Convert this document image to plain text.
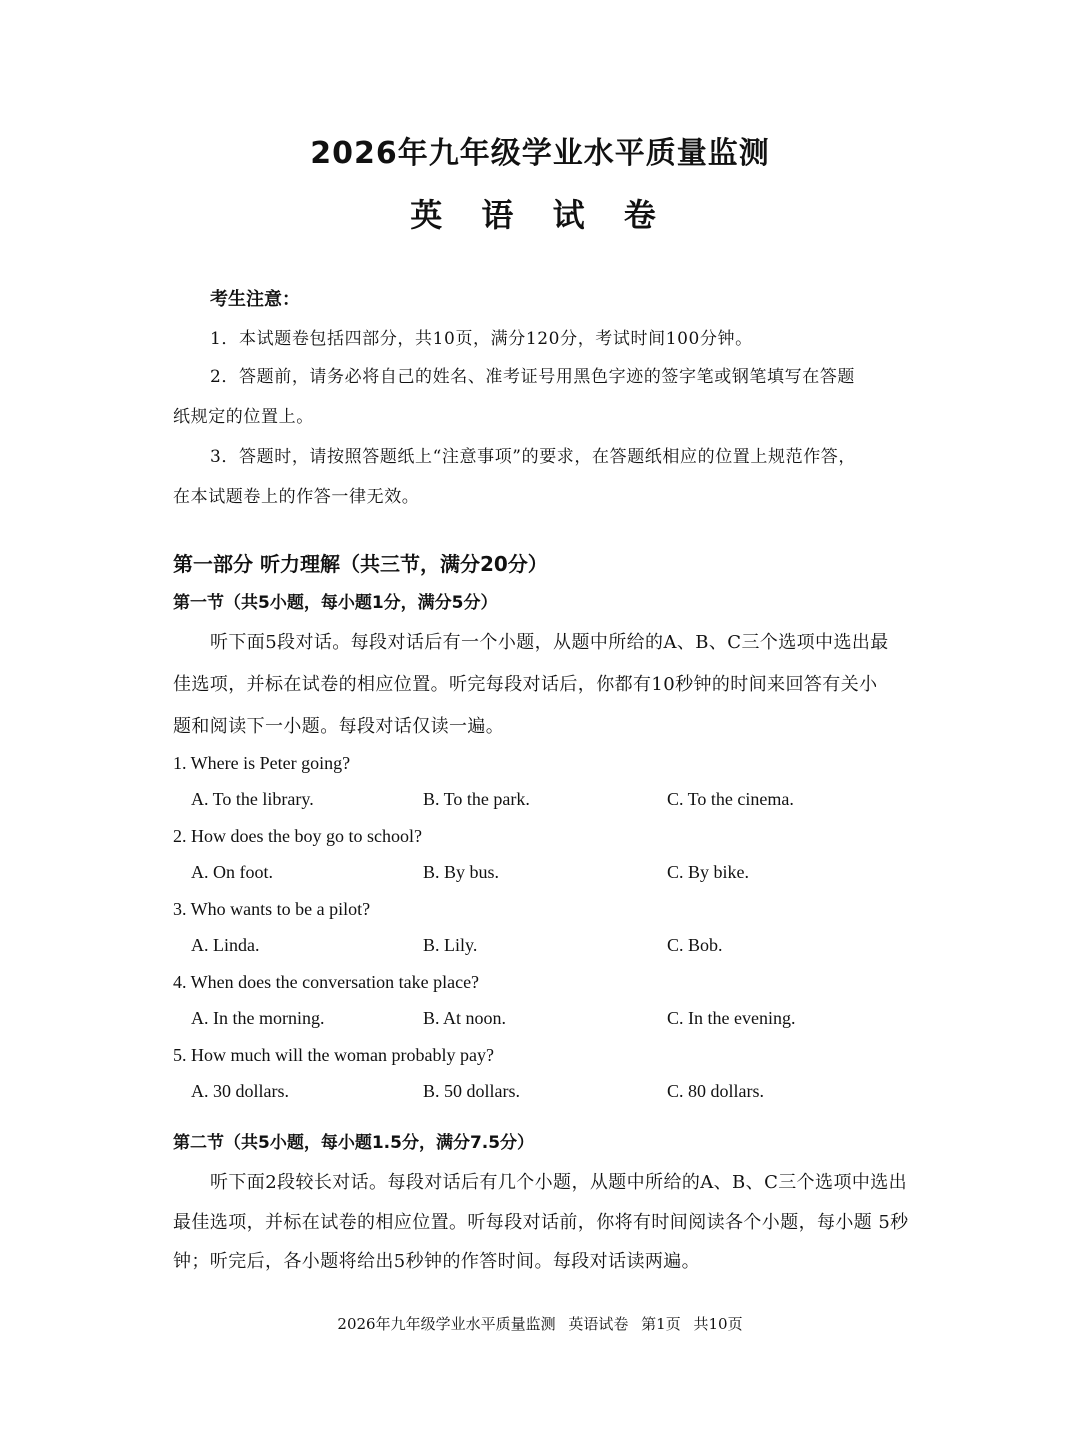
2026年九年级学业水平质量监测
英 语 试 卷
考生注意：
1．本试题卷包括四部分，共10页，满分120分，考试时间100分钟。
2．答题前，请务必将自己的姓名、准考证号用黑色字迹的签字笔或钢笔填写在答题
纸规定的位置上。
3．答题时，请按照答题纸上“注意事项”的要求，在答题纸相应的位置上规范作答，
在本试题卷上的作答一律无效。
第一部分 听力理解（共三节，满分20分）
第一节（共5小题，每小题1分，满分5分）
听下面5段对话。每段对话后有一个小题，从题中所给的A、B、C三个选项中选出最
佳选项，并标在试卷的相应位置。听完每段对话后，你都有10秒钟的时间来回答有关小
题和阅读下一小题。每段对话仅读一遍。
1. Where is Peter going?
A. To the library.	B. To the park.	C. To the cinema.
2. How does the boy go to school?
A. On foot.	B. By bus.	C. By bike.
3. Who wants to be a pilot?
A. Linda.	B. Lily.	C. Bob.
4. When does the conversation take place?
A. In the morning.	B. At noon.	C. In the evening.
5. How much will the woman probably pay?
A. 30 dollars.	B. 50 dollars.	C. 80 dollars.
第二节（共5小题，每小题1.5分，满分7.5分）
听下面2段较长对话。每段对话后有几个小题，从题中所给的A、B、C三个选项中选出
最佳选项，并标在试卷的相应位置。听每段对话前，你将有时间阅读各个小题，每小题 5秒
钟；听完后，各小题将给出5秒钟的作答时间。每段对话读两遍。
2026年九年级学业水平质量监测 英语试卷 第1页 共10页
